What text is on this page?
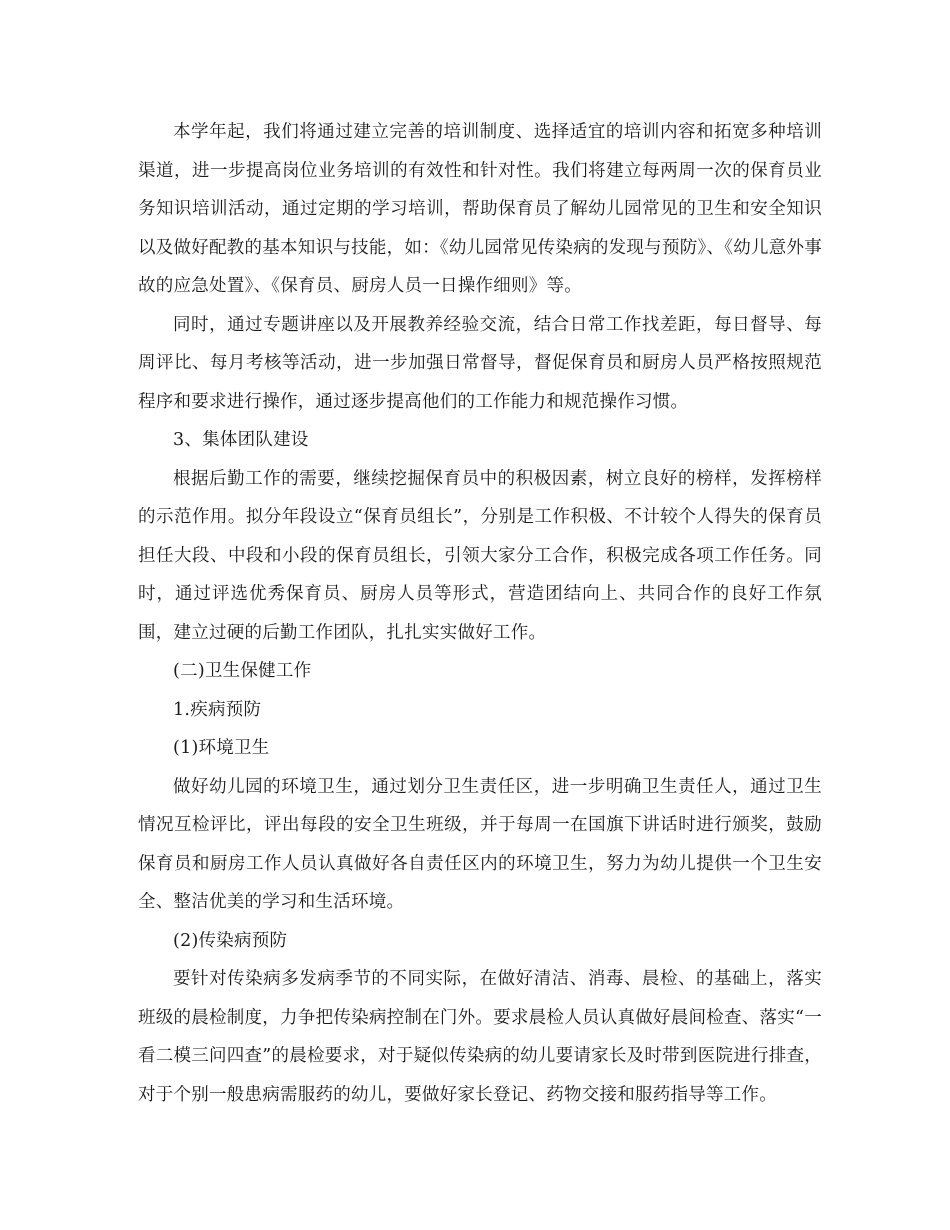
本学年起，我们将通过建立完善的培训制度、选择适宜的培训内容和拓宽多种培训渠道，进一步提高岗位业务培训的有效性和针对性。我们将建立每两周一次的保育员业务知识培训活动，通过定期的学习培训，帮助保育员了解幼儿园常见的卫生和安全知识以及做好配教的基本知识与技能，如：《幼儿园常见传染病的发现与预防》、《幼儿意外事故的应急处置》、《保育员、厨房人员一日操作细则》等。

同时，通过专题讲座以及开展教养经验交流，结合日常工作找差距，每日督导、每周评比、每月考核等活动，进一步加强日常督导，督促保育员和厨房人员严格按照规范程序和要求进行操作，通过逐步提高他们的工作能力和规范操作习惯。

3、集体团队建设

根据后勤工作的需要，继续挖掘保育员中的积极因素，树立良好的榜样，发挥榜样的示范作用。拟分年段设立“保育员组长”，分别是工作积极、不计较个人得失的保育员担任大段、中段和小段的保育员组长，引领大家分工合作，积极完成各项工作任务。同时，通过评选优秀保育员、厨房人员等形式，营造团结向上、共同合作的良好工作氛围，建立过硬的后勤工作团队，扎扎实实做好工作。

(二)卫生保健工作

1.疾病预防

(1)环境卫生

做好幼儿园的环境卫生，通过划分卫生责任区，进一步明确卫生责任人，通过卫生情况互检评比，评出每段的安全卫生班级，并于每周一在国旗下讲话时进行颁奖，鼓励保育员和厨房工作人员认真做好各自责任区内的环境卫生，努力为幼儿提供一个卫生安全、整洁优美的学习和生活环境。

(2)传染病预防

要针对传染病多发病季节的不同实际，在做好清洁、消毒、晨检、的基础上，落实班级的晨检制度，力争把传染病控制在门外。要求晨检人员认真做好晨间检查、落实“一看二模三问四查”的晨检要求，对于疑似传染病的幼儿要请家长及时带到医院进行排查，对于个别一般患病需服药的幼儿，要做好家长登记、药物交接和服药指导等工作。
